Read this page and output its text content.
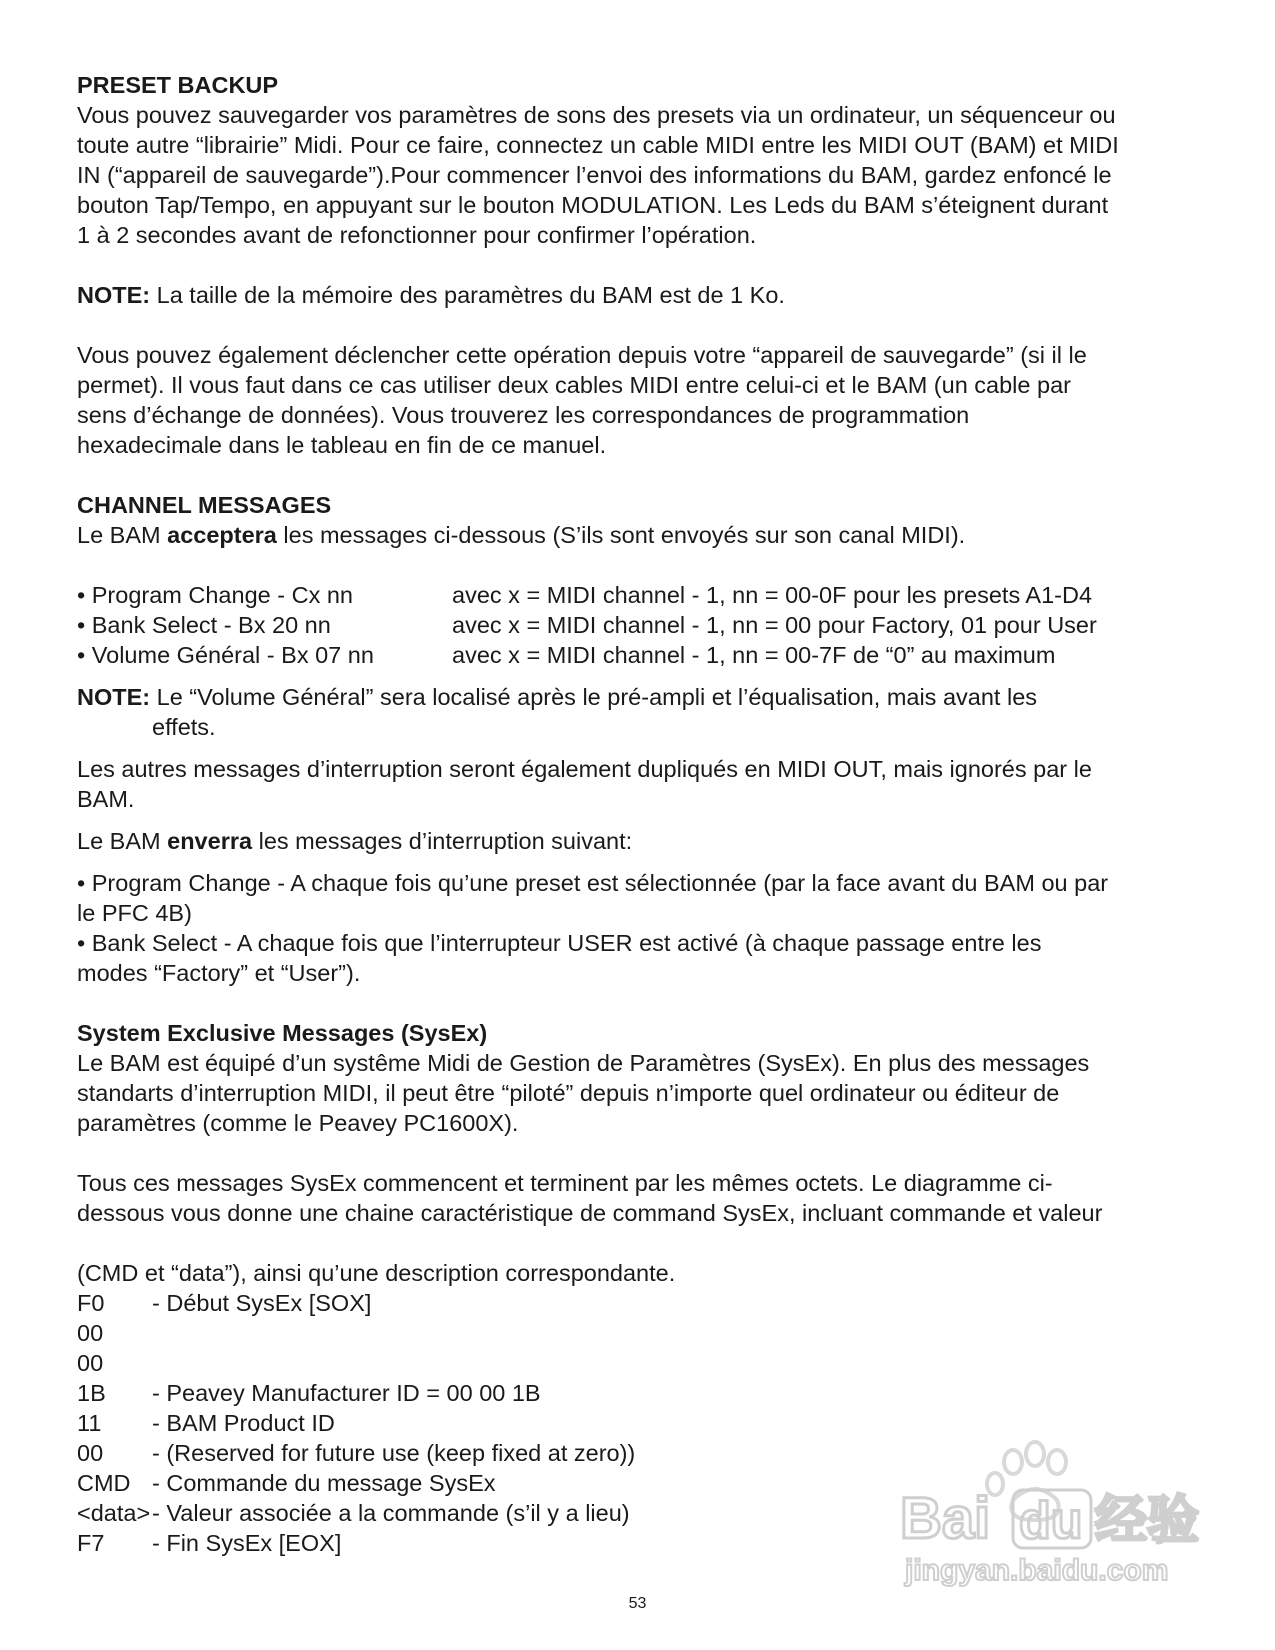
PRESET BACKUP
Vous pouvez sauvegarder vos paramètres de sons des presets via un ordinateur, un séquenceur ou
toute autre “librairie” Midi. Pour ce faire, connectez un cable MIDI entre les MIDI OUT (BAM) et MIDI
IN (“appareil de sauvegarde”).Pour commencer l’envoi des informations du BAM, gardez enfoncé le
bouton Tap/Tempo, en appuyant sur le bouton MODULATION. Les Leds du BAM s’éteignent durant
1 à 2 secondes avant de refonctionner pour confirmer l’opération.
NOTE: La taille de la mémoire des paramètres du BAM est de 1 Ko.
Vous pouvez également déclencher cette opération depuis votre “appareil de sauvegarde” (si il le
permet). Il vous faut dans ce cas utiliser deux cables MIDI entre celui-ci et le BAM (un cable par
sens d’échange de données). Vous trouverez les correspondances de programmation
hexadecimale dans le tableau en fin de ce manuel.
CHANNEL MESSAGES
Le BAM acceptera les messages ci-dessous (S’ils sont envoyés sur son canal MIDI).
• Program Change - Cx nn	avec x = MIDI channel - 1, nn = 00-0F pour les presets A1-D4
• Bank Select - Bx 20 nn	avec x = MIDI channel - 1, nn = 00 pour Factory, 01 pour User
• Volume Général - Bx 07 nn	avec x = MIDI channel - 1, nn = 00-7F de “0” au maximum
NOTE: Le “Volume Général” sera localisé après le pré-ampli et l’équalisation, mais avant les
effets.
Les autres messages d’interruption seront également dupliqués en MIDI OUT, mais ignorés par le
BAM.
Le BAM enverra les messages d’interruption suivant:
• Program Change - A chaque fois qu’une preset est sélectionnée (par la face avant du BAM ou par
le PFC 4B)
• Bank Select - A chaque fois que l’interrupteur USER est activé (à chaque passage entre les
modes “Factory” et “User”).
System Exclusive Messages (SysEx)
Le BAM est équipé d’un systême Midi de Gestion de Paramètres (SysEx). En plus des messages
standarts d’interruption MIDI, il peut être “piloté” depuis n’importe quel ordinateur ou éditeur de
paramètres (comme le Peavey PC1600X).
Tous ces messages SysEx commencent et terminent par les mêmes octets. Le diagramme ci-
dessous vous donne une chaine caractéristique de command SysEx, incluant commande et valeur
(CMD et “data”), ainsi qu’une description correspondante.
F0	- Début SysEx [SOX]
00
00
1B	- Peavey Manufacturer ID = 00 00 1B
11	- BAM Product ID
00	- (Reserved for future use (keep fixed at zero))
CMD - Commande du message SysEx
<data> - Valeur associée a la commande (s’il y a lieu)
F7	- Fin SysEx [EOX]	Bai du 经验
jingyan.baidu.com
53
